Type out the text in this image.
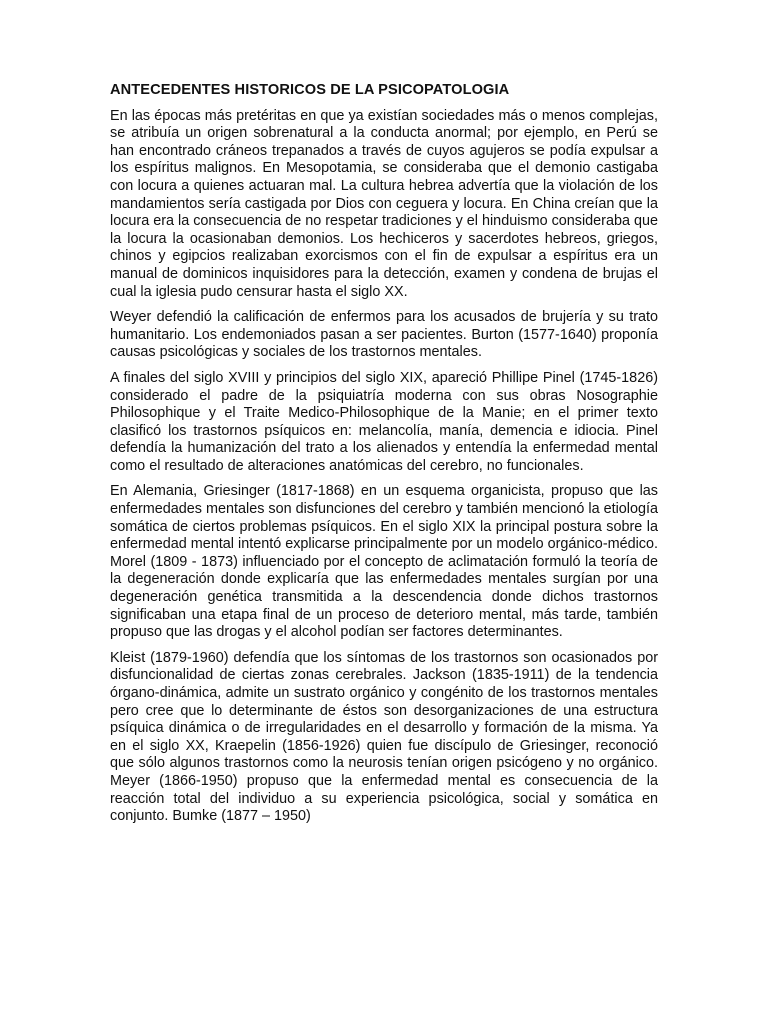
ANTECEDENTES HISTORICOS DE LA PSICOPATOLOGIA

En las épocas más pretéritas en que ya existían sociedades más o menos complejas, se atribuía un origen sobrenatural a la conducta anormal; por ejemplo, en Perú se han encontrado cráneos trepanados a través de cuyos agujeros se podía expulsar a los espíritus malignos. En Mesopotamia, se consideraba que el demonio castigaba con locura a quienes actuaran mal. La cultura hebrea advertía que la violación de los mandamientos sería castigada por Dios con ceguera y locura. En China creían que la locura era la consecuencia de no respetar tradiciones y el hinduismo consideraba que la locura la ocasionaban demonios. Los hechiceros y sacerdotes hebreos, griegos, chinos y egipcios realizaban exorcismos con el fin de expulsar a espíritus era un manual de dominicos inquisidores para la detección, examen y condena de brujas el cual la iglesia pudo censurar hasta el siglo XX.

Weyer defendió la calificación de enfermos para los acusados de brujería y su trato humanitario. Los endemoniados pasan a ser pacientes. Burton (1577-1640) proponía causas psicológicas y sociales de los trastornos mentales.

A finales del siglo XVIII y principios del siglo XIX, apareció Phillipe Pinel (1745-1826) considerado el padre de la psiquiatría moderna con sus obras Nosographie Philosophique y el Traite Medico-Philosophique de la Manie; en el primer texto clasificó los trastornos psíquicos en: melancolía, manía, demencia e idiocia. Pinel defendía la humanización del trato a los alienados y entendía la enfermedad mental como el resultado de alteraciones anatómicas del cerebro, no funcionales.

En Alemania, Griesinger (1817-1868) en un esquema organicista, propuso que las enfermedades mentales son disfunciones del cerebro y también mencionó la etiología somática de ciertos problemas psíquicos. En el siglo XIX la principal postura sobre la enfermedad mental intentó explicarse principalmente por un modelo orgánico-médico. Morel (1809 - 1873) influenciado por el concepto de aclimatación formuló la teoría de la degeneración donde explicaría que las enfermedades mentales surgían por una degeneración genética transmitida a la descendencia donde dichos trastornos significaban una etapa final de un proceso de deterioro mental, más tarde, también propuso que las drogas y el alcohol podían ser factores determinantes.

Kleist (1879-1960) defendía que los síntomas de los trastornos son ocasionados por disfuncionalidad de ciertas zonas cerebrales. Jackson (1835-1911) de la tendencia órgano-dinámica, admite un sustrato orgánico y congénito de los trastornos mentales pero cree que lo determinante de éstos son desorganizaciones de una estructura psíquica dinámica o de irregularidades en el desarrollo y formación de la misma. Ya en el siglo XX, Kraepelin (1856-1926) quien fue discípulo de Griesinger, reconoció que sólo algunos trastornos como la neurosis tenían origen psicógeno y no orgánico. Meyer (1866-1950) propuso que la enfermedad mental es consecuencia de la reacción total del individuo a su experiencia psicológica, social y somática en conjunto. Bumke (1877 – 1950)
